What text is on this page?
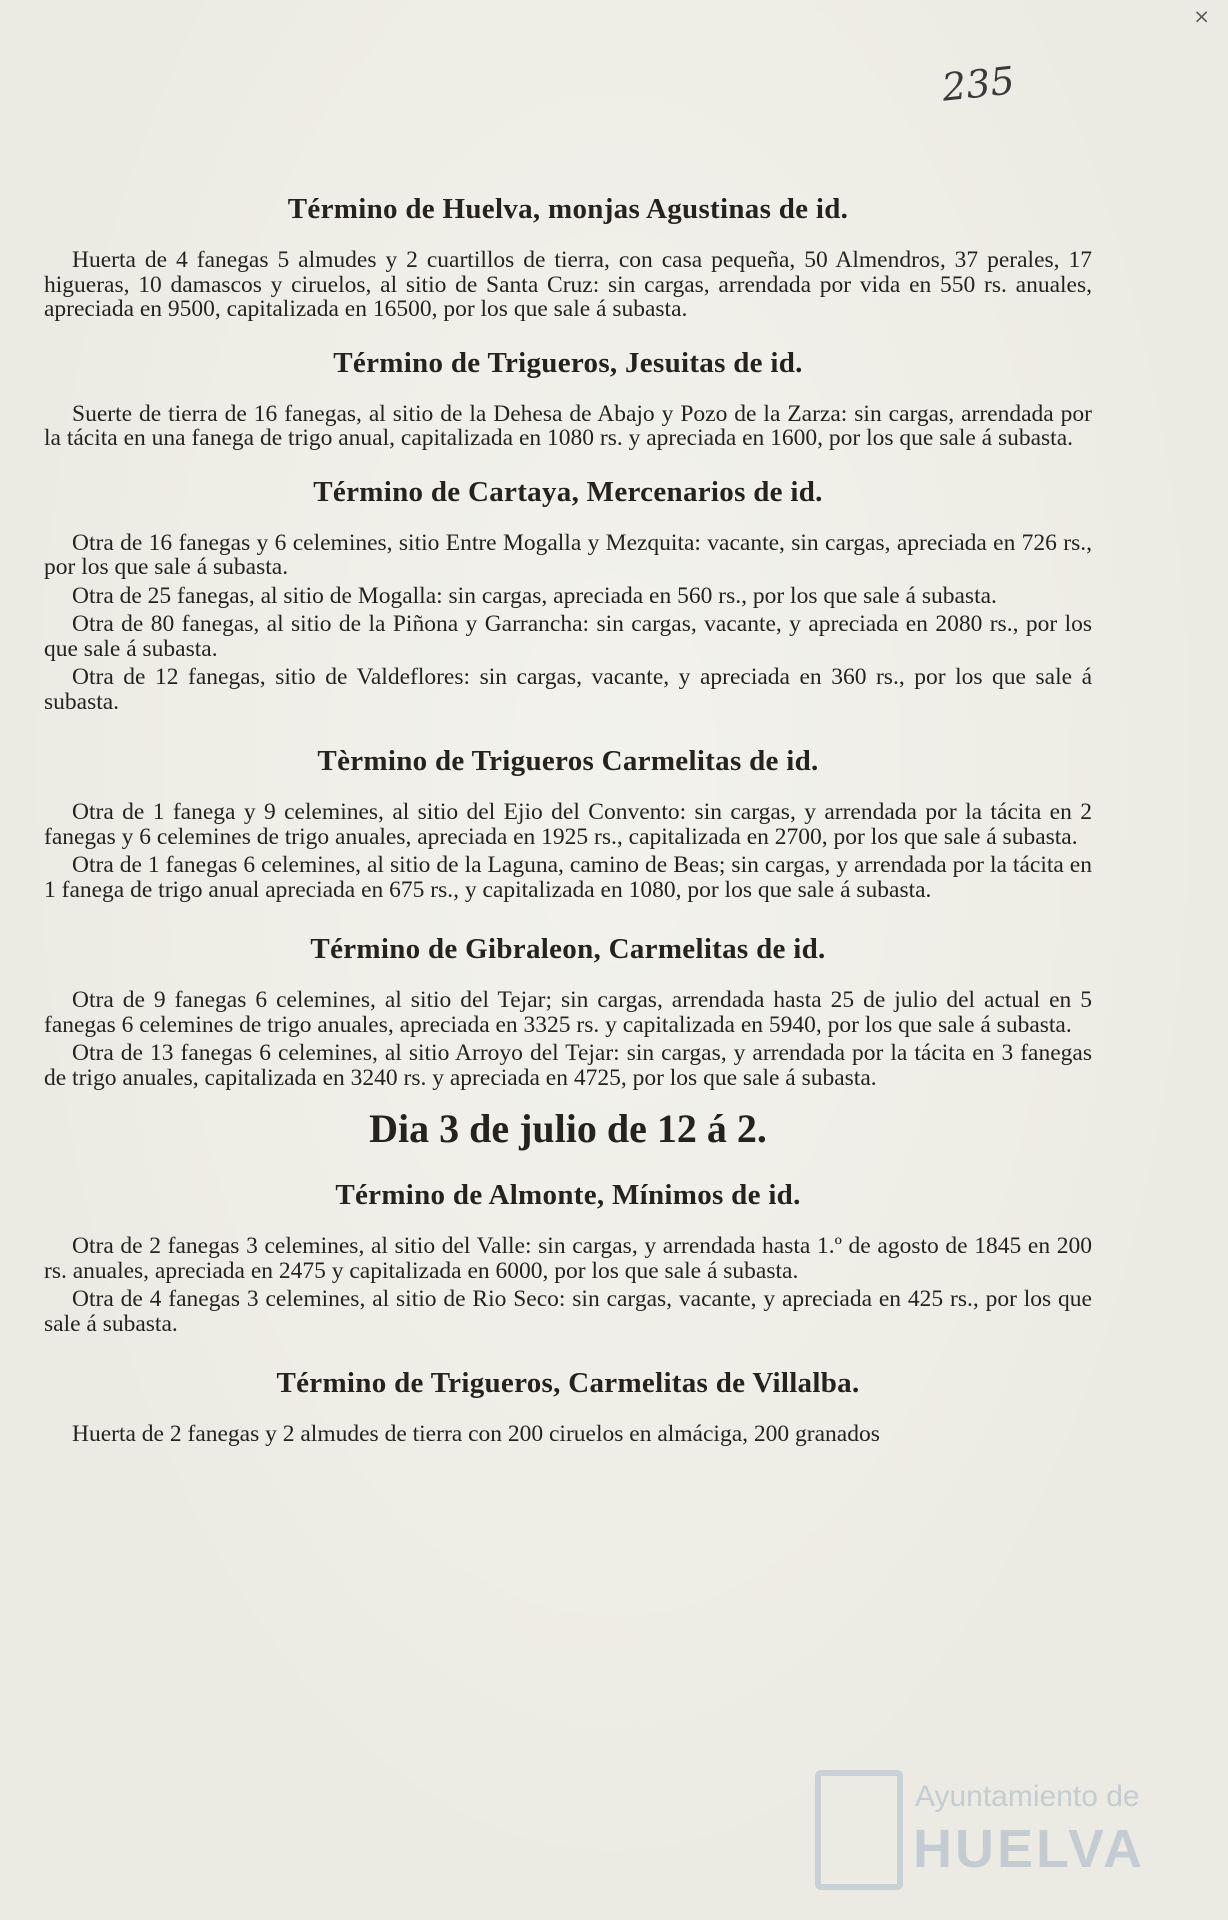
×
235
Término de Huelva, monjas Agustinas de id.

Huerta de 4 fanegas 5 almudes y 2 cuartillos de tierra, con casa pequeña, 50 Almendros, 37 perales, 17 higueras, 10 damascos y ciruelos, al sitio de Santa Cruz: sin cargas, arrendada por vida en 550 rs. anuales, apreciada en 9500, capitalizada en 16500, por los que sale á subasta.

Término de Trigueros, Jesuitas de id.

Suerte de tierra de 16 fanegas, al sitio de la Dehesa de Abajo y Pozo de la Zarza: sin cargas, arrendada por la tácita en una fanega de trigo anual, capitalizada en 1080 rs. y apreciada en 1600, por los que sale á subasta.

Término de Cartaya, Mercenarios de id.

Otra de 16 fanegas y 6 celemines, sitio Entre Mogalla y Mezquita: vacante, sin cargas, apreciada en 726 rs., por los que sale á subasta.

Otra de 25 fanegas, al sitio de Mogalla: sin cargas, apreciada en 560 rs., por los que sale á subasta.

Otra de 80 fanegas, al sitio de la Piñona y Garrancha: sin cargas, vacante, y apreciada en 2080 rs., por los que sale á subasta.

Otra de 12 fanegas, sitio de Valdeflores: sin cargas, vacante, y apreciada en 360 rs., por los que sale á subasta.

Tèrmino de Trigueros Carmelitas de id.

Otra de 1 fanega y 9 celemines, al sitio del Ejio del Convento: sin cargas, y arrendada por la tácita en 2 fanegas y 6 celemines de trigo anuales, apreciada en 1925 rs., capitalizada en 2700, por los que sale á subasta.

Otra de 1 fanegas 6 celemines, al sitio de la Laguna, camino de Beas; sin cargas, y arrendada por la tácita en 1 fanega de trigo anual apreciada en 675 rs., y capitalizada en 1080, por los que sale á subasta.

Término de Gibraleon, Carmelitas de id.

Otra de 9 fanegas 6 celemines, al sitio del Tejar; sin cargas, arrendada hasta 25 de julio del actual en 5 fanegas 6 celemines de trigo anuales, apreciada en 3325 rs. y capitalizada en 5940, por los que sale á subasta.

Otra de 13 fanegas 6 celemines, al sitio Arroyo del Tejar: sin cargas, y arrendada por la tácita en 3 fanegas de trigo anuales, capitalizada en 3240 rs. y apreciada en 4725, por los que sale á subasta.

Dia 3 de julio de 12 á 2.
Término de Almonte, Mínimos de id.

Otra de 2 fanegas 3 celemines, al sitio del Valle: sin cargas, y arrendada hasta 1.º de agosto de 1845 en 200 rs. anuales, apreciada en 2475 y capitalizada en 6000, por los que sale á subasta.

Otra de 4 fanegas 3 celemines, al sitio de Rio Seco: sin cargas, vacante, y apreciada en 425 rs., por los que sale á subasta.

Término de Trigueros, Carmelitas de Villalba.

Huerta de 2 fanegas y 2 almudes de tierra con 200 ciruelos en almáciga, 200 granados

Ayuntamiento de
HUELVA
